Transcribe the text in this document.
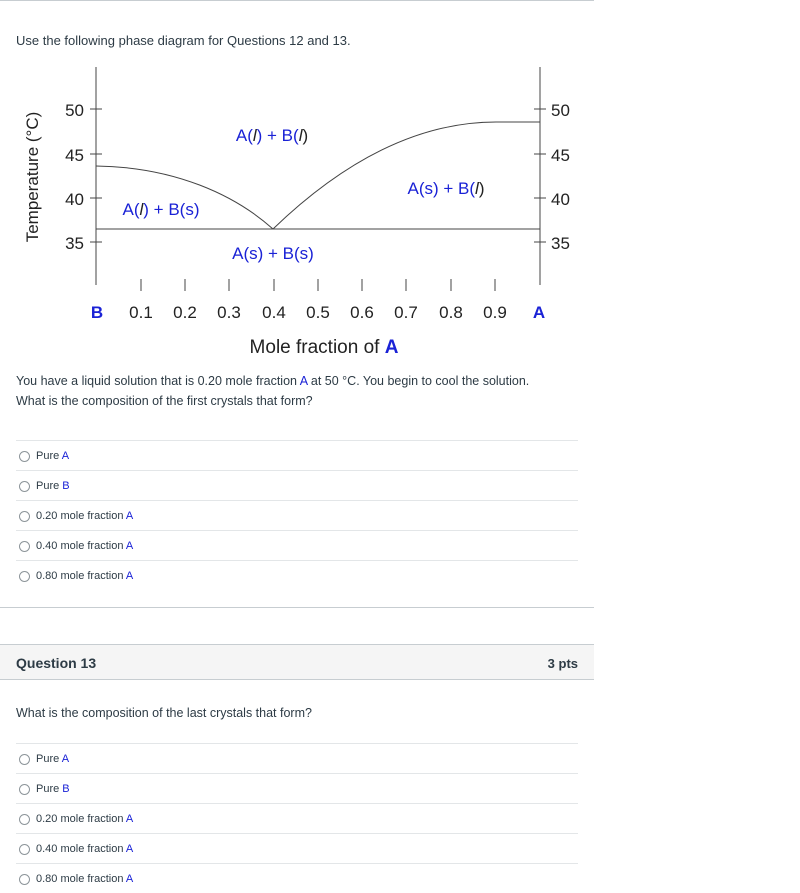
Use the following phase diagram for Questions 12 and 13.

50
45
40
35
50
45
40
35
Temperature (°C)
B 0.1 0.2 0.3 0.4 0.5 0.6 0.7 0.8 0.9 A
Mole fraction of A
A(l) + B(l)
A(l) + B(s)
A(s) + B(l)
A(s) + B(s)
You have a liquid solution that is 0.20 mole fraction A at 50 °C. You begin to cool the solution.
What is the composition of the first crystals that form?
Pure A
Pure B
0.20 mole fraction A
0.40 mole fraction A
0.80 mole fraction A
Question 13	3 pts
What is the composition of the last crystals that form?
Pure A
Pure B
0.20 mole fraction A
0.40 mole fraction A
0.80 mole fraction A
